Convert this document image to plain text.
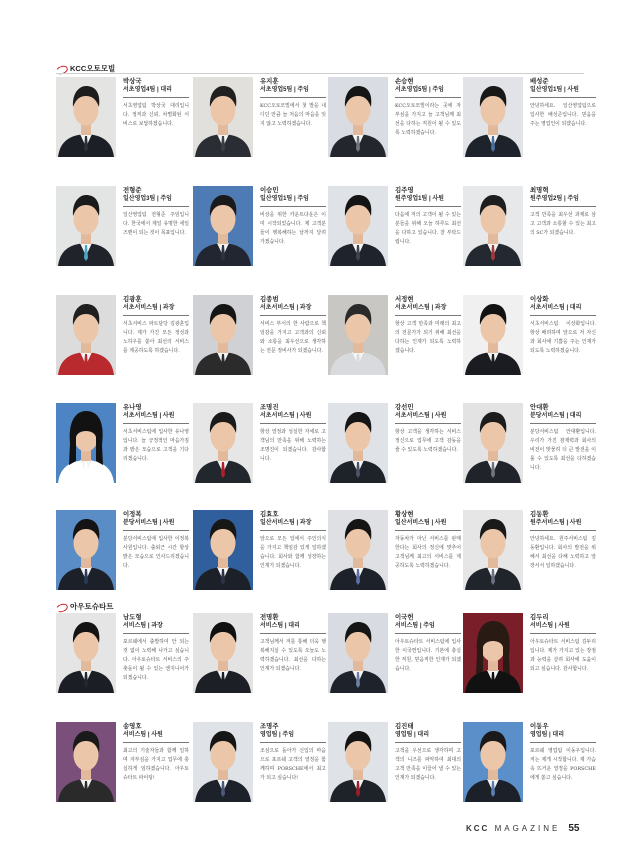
KCC오토모빌
아우토슈타트
박상국
서초영업4팀 | 대리
서초영업팀 박상국 대리입니다. 정직과 신뢰, 차별화된 서비스로 보답하겠습니다.
유지훈
서초영업5팀 | 주임
KCC오토모빌에서 첫 발을 내디딘 만큼 늘 처음의 마음을 잊지 않고 노력하겠습니다.
손승현
서초영업5팀 | 주임
KCC오토모빌이라는 곳에 자부심을 가지고 늘 고객님께 최선을 다하는 직원이 될 수 있도록 노력하겠습니다.
배성준
일산영업1팀 | 사원
안녕하세요. 일산영업팀으로 입사한 배성준입니다. 믿음을 주는 영업인이 되겠습니다.
전형준
일산영업3팀 | 주임
일산영업팀 전형준 주임입니다. 한국에서 제일 유명한 세일즈맨이 되는 것이 목표입니다.
이승민
일산영업1팀 | 주임
비상을 위한 카운트다운은 이미 시작되었습니다. 제 고객분들이 행복해하는 날까지 달려가겠습니다.
김주영
원주영업1팀 | 사원
다음에 저의 고객이 될 수 있는 분들을 위해 오늘 하루도 최선을 다하고 있습니다. 잘 부탁드립니다.
최명혁
원주영업2팀 | 주임
고객 만족을 최우선 과제로 삼고 고객과 소통할 수 있는 최고의 SC가 되겠습니다.
김광훈
서초서비스팀 | 과장
서초서비스 파트담당 김광훈입니다. 제가 가진 모든 정성과 노하우를 쏟아 최선의 서비스를 제공하도록 하겠습니다.
김종범
서초서비스팀 | 과장
서비스 부서의 한 사람으로 책임감을 가지고 고객과의 신뢰와 소통을 최우선으로 생각하는 전문 정비사가 되겠습니다.
서정현
서초서비스팀 | 과장
항상 고객 만족과 미래의 최고의 전문가가 되기 위해 최선을 다하는 인재가 되도록 노력하겠습니다.
이상화
서초서비스팀 | 대리
서초서비스팀 이상화입니다. 항상 배려하며 앞으로 저 자신과 회사에 기쁨을 주는 인재가 되도록 노력하겠습니다.
유나영
서초서비스팀 | 사원
서초서비스팀에 입사한 유나영입니다. 늘 긍정적인 마음가짐과 밝은 모습으로 고객을 기다리겠습니다.
조명진
서초서비스팀 | 사원
항상 열정과 성실한 자세로 고객님의 만족을 위해 노력하는 조명진이 되겠습니다. 감사합니다.
강선민
서초서비스팀 | 사원
항상 고객을 생각하는 서비스 정신으로 업무에 고객 감동을 줄 수 있도록 노력하겠습니다.
안대환
분당서비스팀 | 대리
분당서비스팀 안대환입니다. 우리가 가진 잠재력과 회사의 비전이 맞물려 더 큰 발전을 이룰 수 있도록 최선을 다하겠습니다.
이정복
분당서비스팀 | 사원
분당서비스팀에 입사한 이정복 사원입니다. 출퇴근 시간 항상 밝은 모습으로 인사드리겠습니다.
김효호
일산서비스팀 | 과장
앞으로 모든 일에서 주인의식을 가지고 책임감 있게 일하겠습니다. 회사와 함께 성장하는 인재가 되겠습니다.
황상현
일산서비스팀 | 사원
자동차가 아닌 서비스를 판매한다는 회사의 정신에 맞추어 고객님께 최고의 서비스를 제공하도록 노력하겠습니다.
김동환
원주서비스팀 | 사원
안녕하세요. 원주서비스팀 김동환입니다. 회사의 발전을 위해서 최선을 다해 노력하고 앞장서서 일하겠습니다.
남도형
서비스팀 | 과장
포르쉐에서 출발하여 안 되는 것 없이 노력해 나가고 싶습니다. 아우토슈타트 서비스의 주춧돌이 될 수 있는 엔지니어가 되겠습니다.
전명환
서비스팀 | 대리
고객님께서 저를 통해 더욱 행복해지실 수 있도록 오늘도 노력하겠습니다. 최선을 다하는 인재가 되겠습니다.
이국헌
서비스팀 | 주임
아우토슈타트 서비스팀에 입사한 이국헌입니다. 기본에 충실한 직원, 믿음직한 인재가 되겠습니다.
김두리
서비스팀 | 사원
아우토슈타트 서비스팀 김두리입니다. 제가 가지고 있는 장점과 능력을 살려 회사에 도움이 되고 싶습니다. 감사합니다.
송영호
서비스팀 | 사원
최고의 기술자들과 함께 일하며 자부심을 가지고 업무에 충실하게 임하겠습니다. 아우토슈타트 파이팅!
조명주
영업팀 | 주임
조심으로 돌아가 신입의 마음으로 포르쉐 고객의 열정을 함께하며 PORSCHE에서 최고가 되고 싶습니다!
김진태
영업팀 | 대리
고객을 우선으로 생각하며 고객의 니즈를 파악하여 최대의 고객 만족을 이끌어 낼 수 있는 인재가 되겠습니다.
이동우
영업팀 | 대리
포르쉐 영업팀 이동우입니다. 저는 제게 시작합니다. 제 가슴 속 뜨거운 열정을 PORSCHE에게 쏟고 싶습니다.
KCC MAGAZINE 55
